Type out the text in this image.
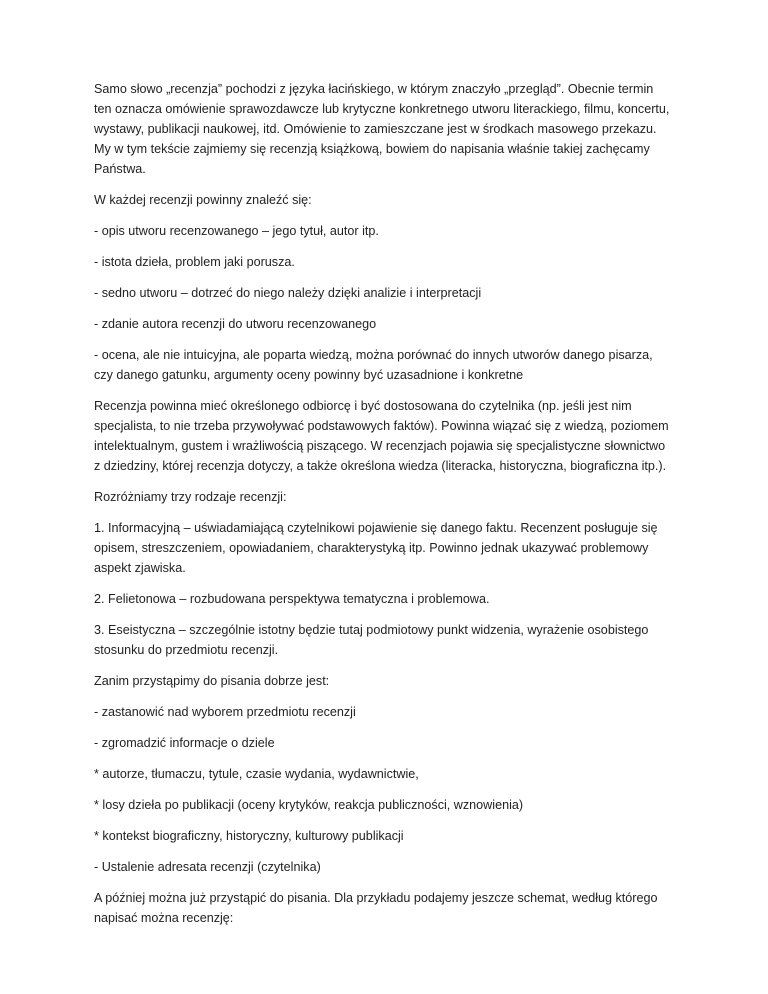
Samo słowo „recenzja” pochodzi z języka łacińskiego, w którym znaczyło „przegląd”. Obecnie termin ten oznacza omówienie sprawozdawcze lub krytyczne konkretnego utworu literackiego, filmu, koncertu, wystawy, publikacji naukowej, itd. Omówienie to zamieszczane jest w środkach masowego przekazu. My w tym tekście zajmiemy się recenzją książkową, bowiem do napisania właśnie takiej zachęcamy Państwa.

W każdej recenzji powinny znaleźć się:

- opis utworu recenzowanego – jego tytuł, autor itp.

- istota dzieła, problem jaki porusza.

- sedno utworu – dotrzeć do niego należy dzięki analizie i interpretacji

- zdanie autora recenzji do utworu recenzowanego

- ocena, ale nie intuicyjna, ale poparta wiedzą, można porównać do innych utworów danego pisarza, czy danego gatunku, argumenty oceny powinny być uzasadnione i konkretne

Recenzja powinna mieć określonego odbiorcę i być dostosowana do czytelnika (np. jeśli jest nim specjalista, to nie trzeba przywoływać podstawowych faktów). Powinna wiązać się z wiedzą, poziomem intelektualnym, gustem i wrażliwością piszącego. W recenzjach pojawia się specjalistyczne słownictwo z dziedziny, której recenzja dotyczy, a także określona wiedza (literacka, historyczna, biograficzna itp.).

Rozróżniamy trzy rodzaje recenzji:

1. Informacyjną – uświadamiającą czytelnikowi pojawienie się danego faktu. Recenzent posługuje się opisem, streszczeniem, opowiadaniem, charakterystyką itp. Powinno jednak ukazywać problemowy aspekt zjawiska.

2. Felietonowa – rozbudowana perspektywa tematyczna i problemowa.

3. Eseistyczna – szczególnie istotny będzie tutaj podmiotowy punkt widzenia, wyrażenie osobistego stosunku do przedmiotu recenzji.

Zanim przystąpimy do pisania dobrze jest:

- zastanowić nad wyborem przedmiotu recenzji

- zgromadzić informacje o dziele

* autorze, tłumaczu, tytule, czasie wydania, wydawnictwie,

* losy dzieła po publikacji (oceny krytyków, reakcja publiczności, wznowienia)

* kontekst biograficzny, historyczny, kulturowy publikacji

- Ustalenie adresata recenzji (czytelnika)

A później można już przystąpić do pisania. Dla przykładu podajemy jeszcze schemat, według którego napisać można recenzję:
